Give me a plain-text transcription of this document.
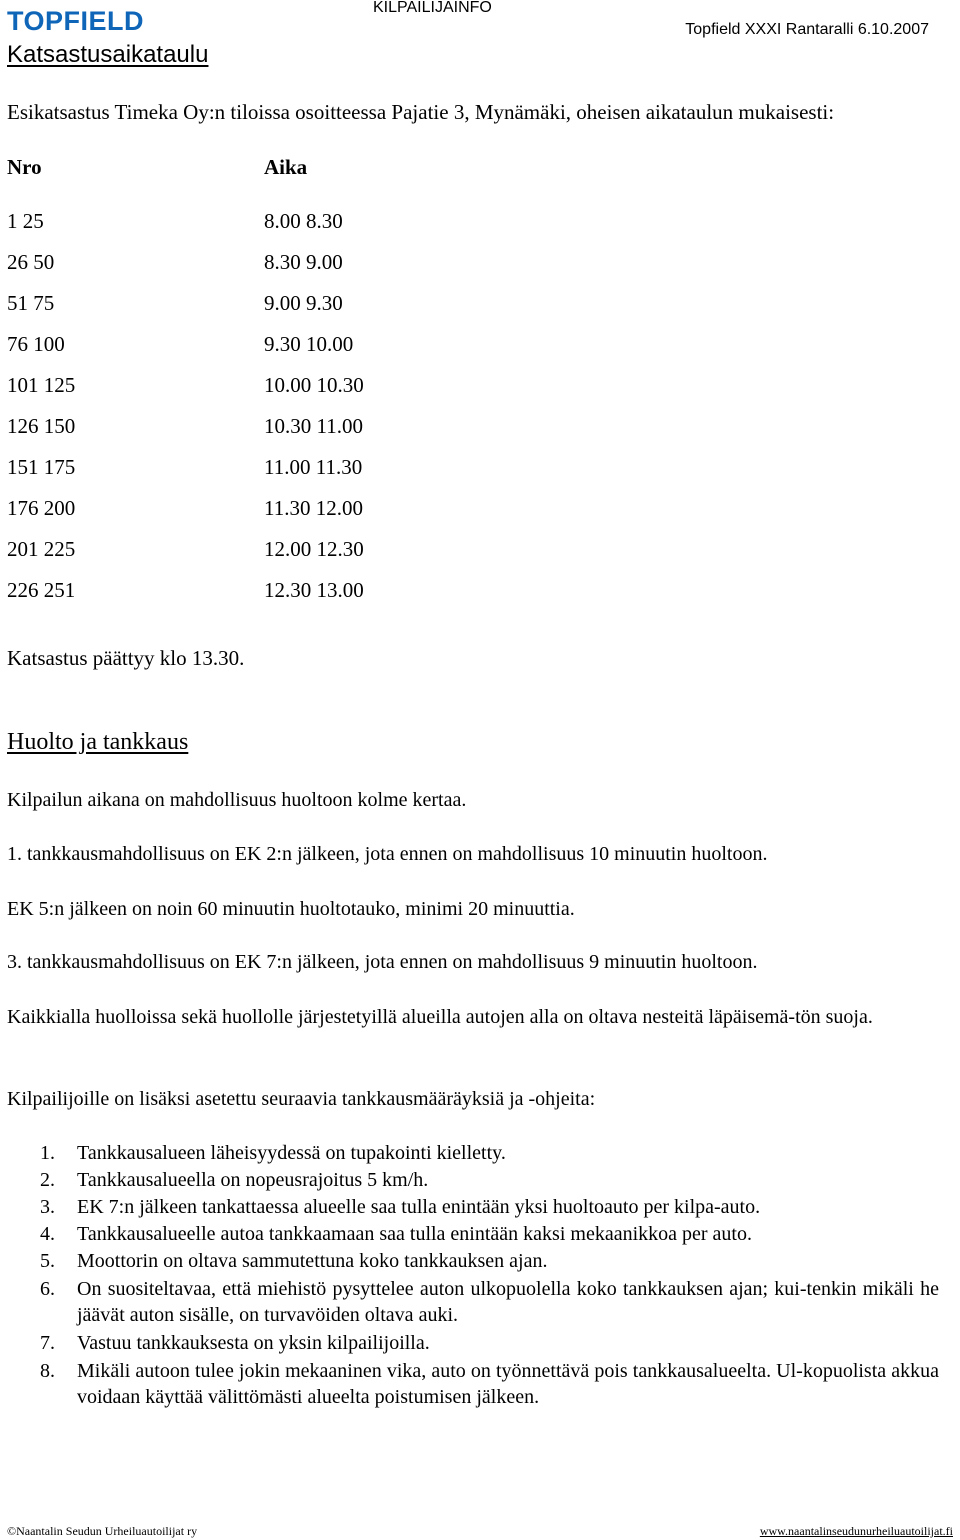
TOPFIELD	KILPAILIJAINFO
Topfield XXXI Rantaralli 6.10.2007
Katsastusaikataulu
Esikatsastus Timeka Oy:n tiloissa osoitteessa Pajatie 3, Mynämäki, oheisen aikataulun mukaisesti:
Nro	Aika
1 25	8.00 8.30
26 50	8.30 9.00
51 75	9.00 9.30
76 100	9.30 10.00
101 125	10.00 10.30
126 150	10.30 11.00
151 175	11.00 11.30
176 200	11.30 12.00
201 225	12.00 12.30
226 251	12.30 13.00
Katsastus päättyy klo 13.30.
Huolto ja tankkaus
Kilpailun aikana on mahdollisuus huoltoon kolme kertaa.
1. tankkausmahdollisuus on EK 2:n jälkeen, jota ennen on mahdollisuus 10 minuutin huoltoon.
EK 5:n jälkeen on noin 60 minuutin huoltotauko, minimi 20 minuuttia.
3. tankkausmahdollisuus on EK 7:n jälkeen, jota ennen on mahdollisuus 9 minuutin huoltoon.
Kaikkialla huolloissa sekä huollolle järjestetyillä alueilla autojen alla on oltava nesteitä läpäisemä-tön suoja.
Kilpailijoille on lisäksi asetettu seuraavia tankkausmääräyksiä ja -ohjeita:
1. Tankkausalueen läheisyydessä on tupakointi kielletty.
2. Tankkausalueella on nopeusrajoitus 5 km/h.
3. EK 7:n jälkeen tankattaessa alueelle saa tulla enintään yksi huoltoauto per kilpa-auto.
4. Tankkausalueelle autoa tankkaamaan saa tulla enintään kaksi mekaanikkoa per auto.
5. Moottorin on oltava sammutettuna koko tankkauksen ajan.
6. On suositeltavaa, että miehistö pysyttelee auton ulkopuolella koko tankkauksen ajan; kui-tenkin mikäli he jäävät auton sisälle, on turvavöiden oltava auki.
7. Vastuu tankkauksesta on yksin kilpailijoilla.
8. Mikäli autoon tulee jokin mekaaninen vika, auto on työnnettävä pois tankkausalueelta. Ul-kopuolista akkua voidaan käyttää välittömästi alueelta poistumisen jälkeen.
©Naantalin Seudun Urheiluautoilijat ry	www.naantalinseudunurheiluautoilijat.fi
